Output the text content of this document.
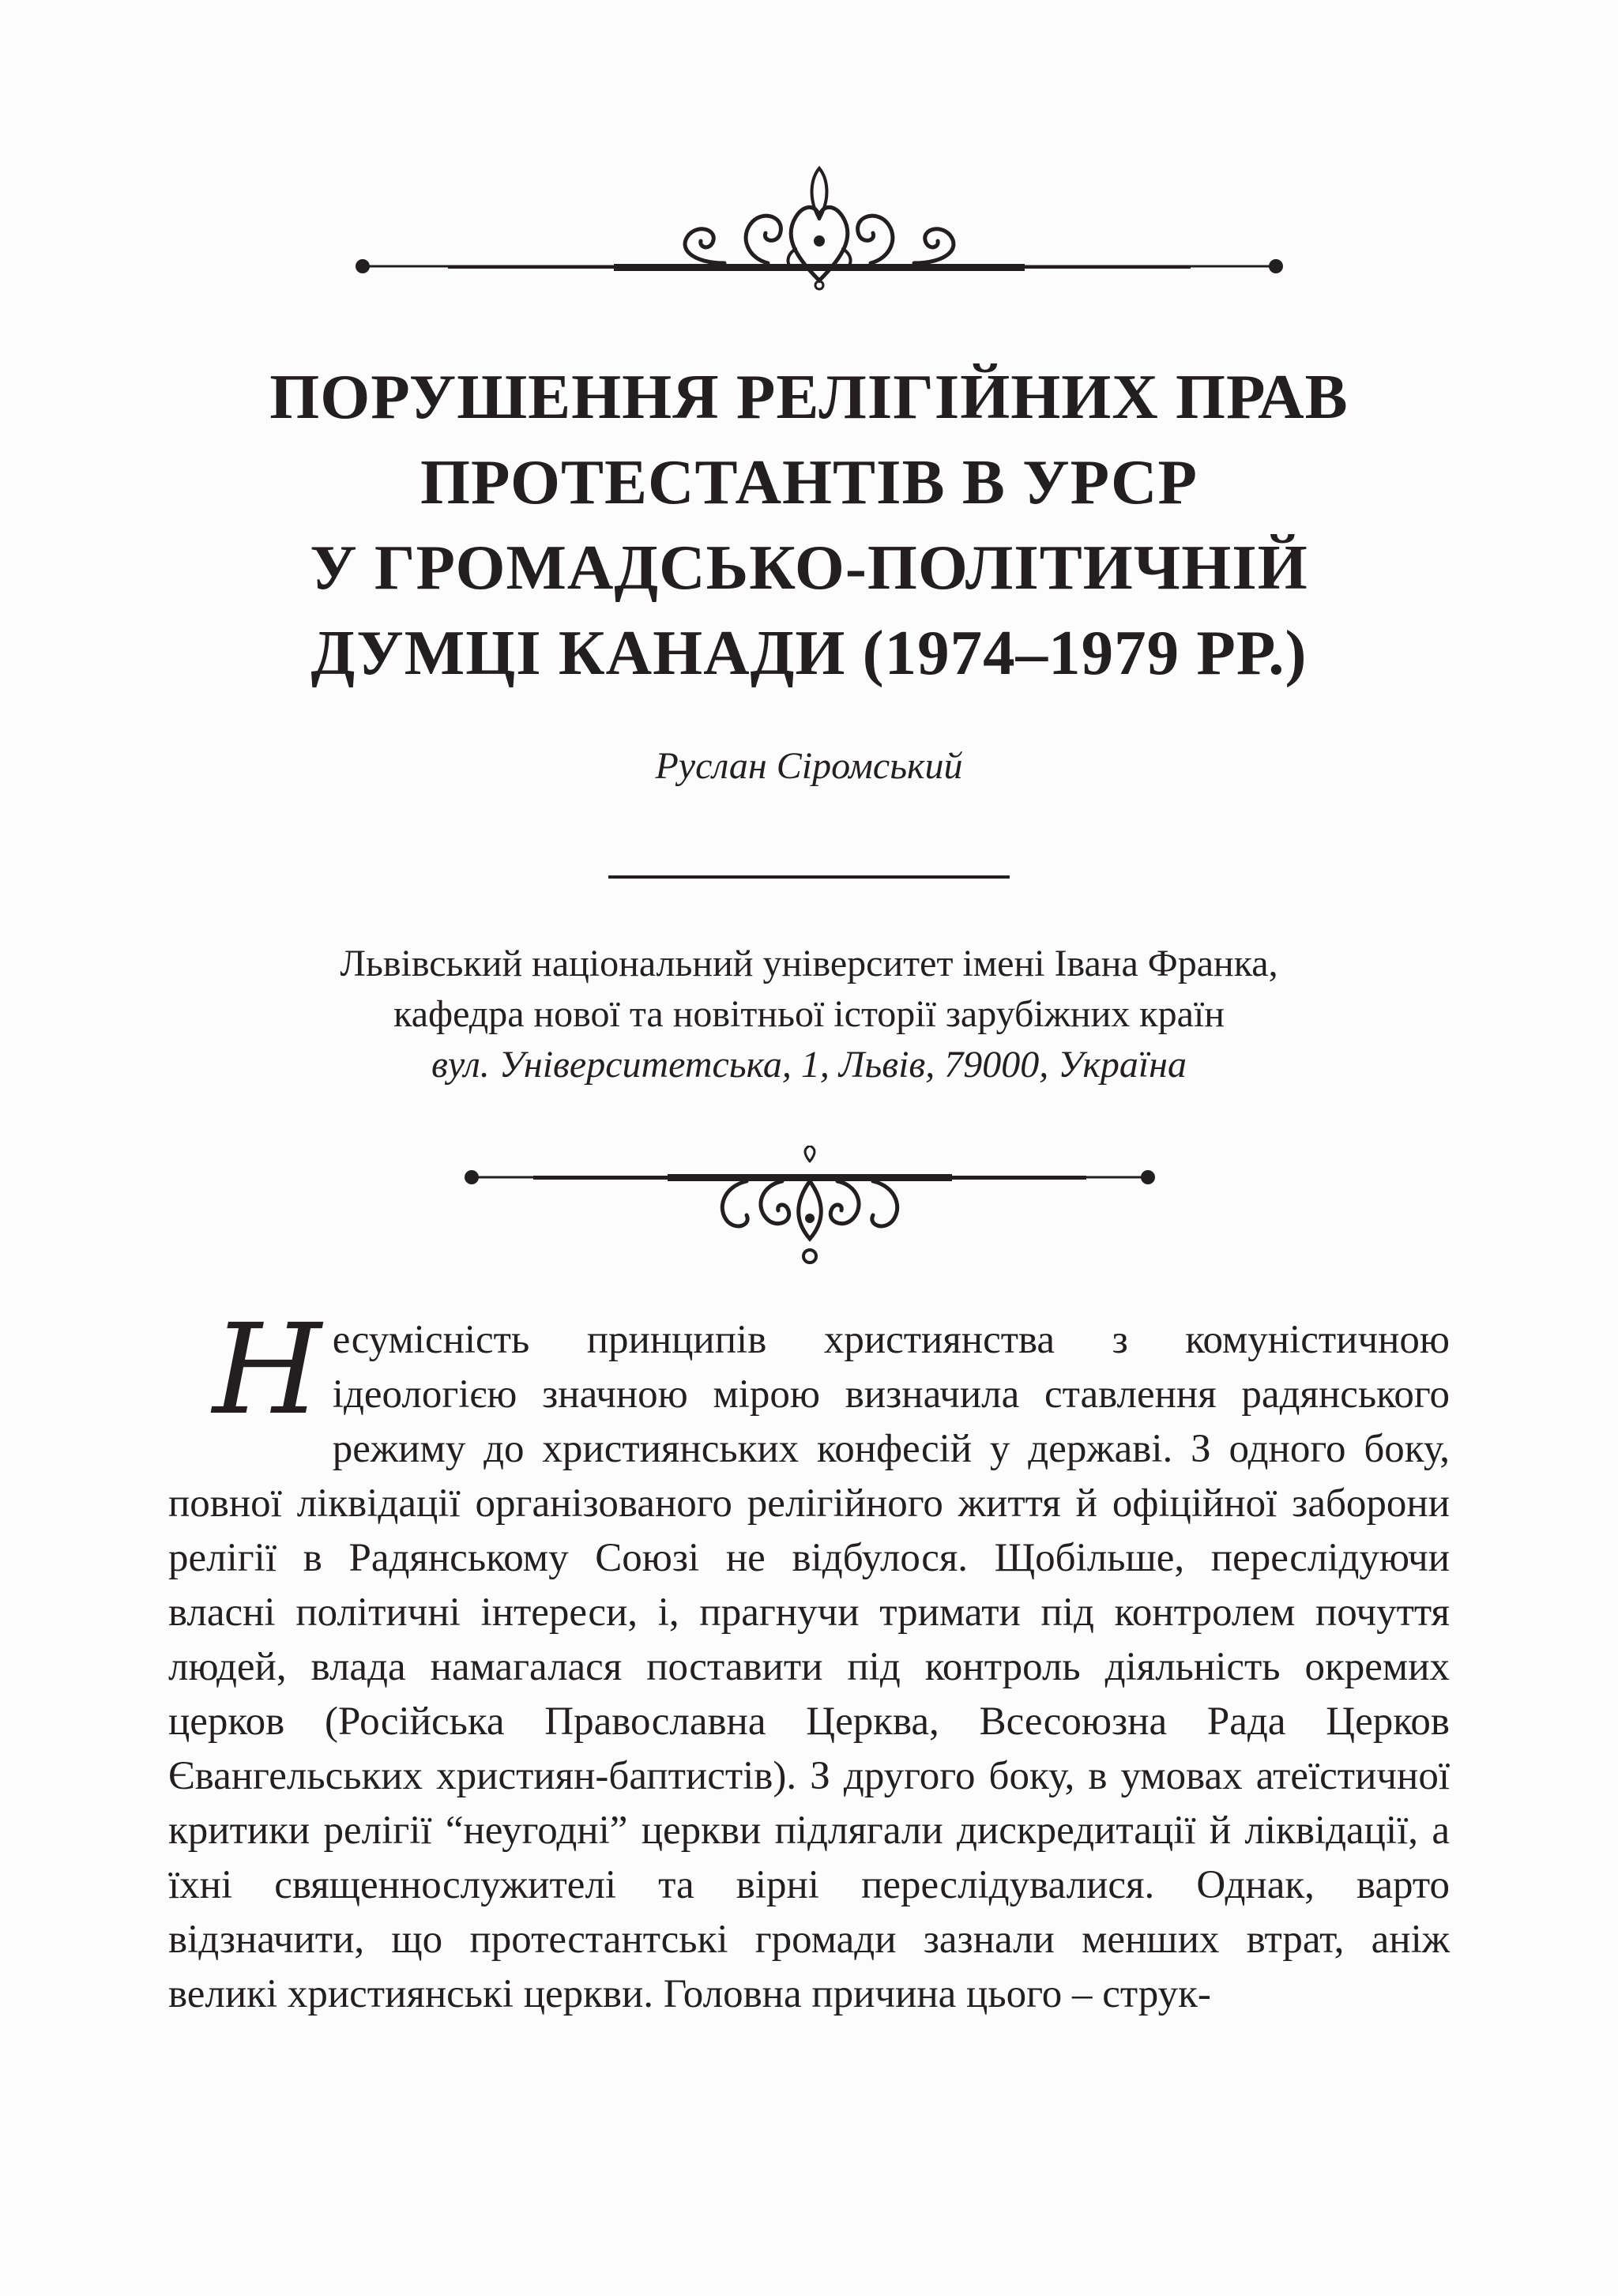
ПОРУШЕННЯ РЕЛІГІЙНИХ ПРАВ
ПРОТЕСТАНТІВ В УРСР
У ГРОМАДСЬКО-ПОЛІТИЧНІЙ
ДУМЦІ КАНАДИ (1974–1979 РР.)
Руслан Сіромський
Львівський національний університет імені Івана Франка,
кафедра нової та новітньої історії зарубіжних країн
вул. Університетська, 1, Львів, 79000, Україна
Н есумісність принципів християнства з комуністичною ідеологією значною мірою визначила ставлення радянського режиму до християнських конфесій у державі. З одного боку, повної ліквідації організованого релігійного життя й офіційної заборони релігії в Радянському Союзі не відбулося. Щобільше, переслідуючи власні політичні інтереси, і, прагнучи тримати під контролем почуття людей, влада намагалася поставити під контроль діяльність окремих церков (Російська Православна Церква, Всесоюзна Рада Церков Євангельських християн-баптистів). З другого боку, в умовах атеїстичної критики релігії “неугодні” церкви підлягали дискредитації й ліквідації, а їхні священнослужителі та вірні переслідувалися. Однак, варто відзначити, що протестантські громади зазнали менших втрат, аніж великі християнські церкви. Головна причина цього – струк-
